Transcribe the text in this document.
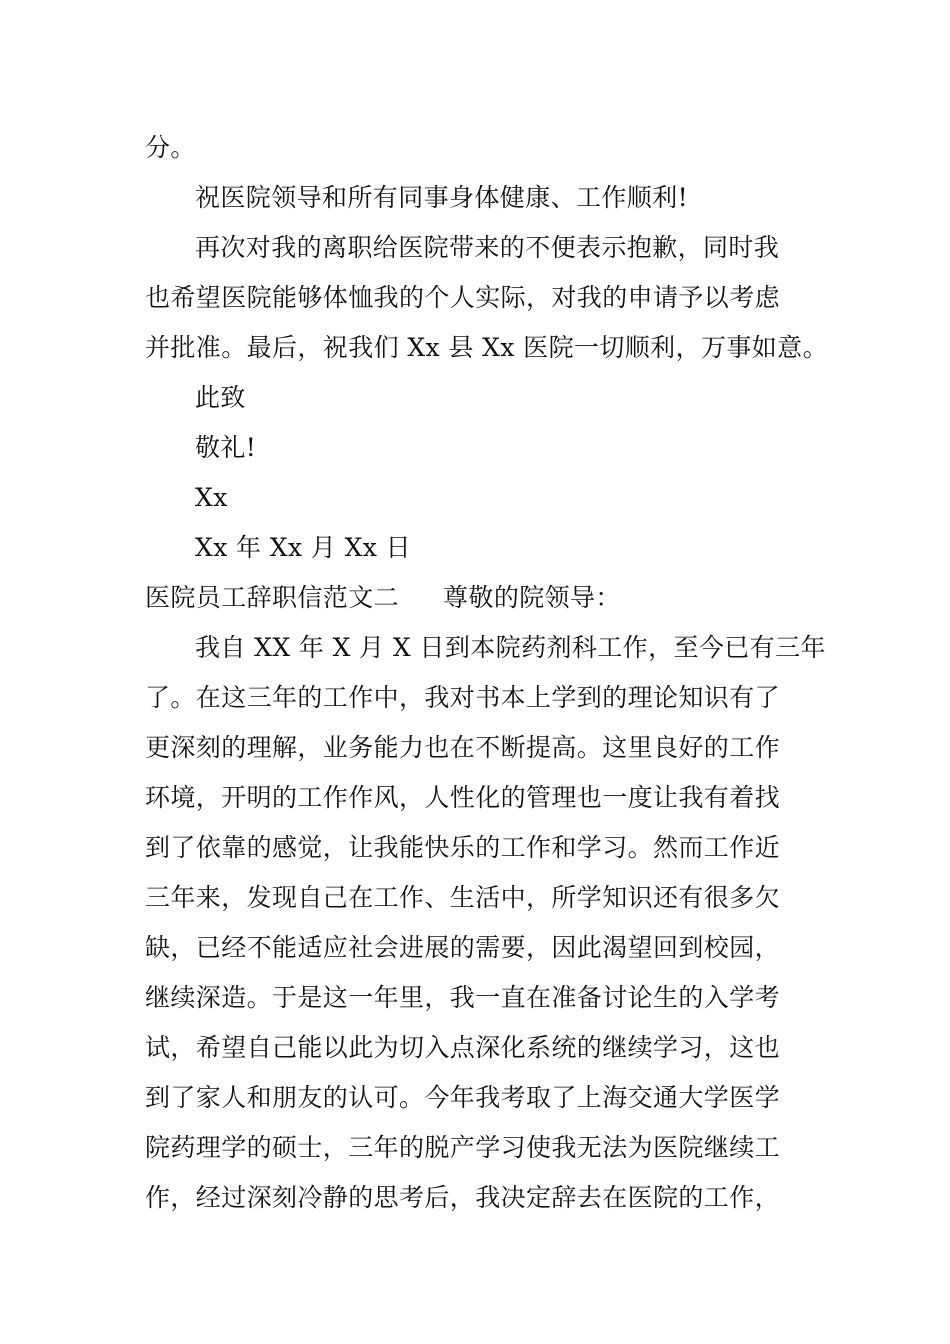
分。
祝医院领导和所有同事身体健康、工作顺利!
再次对我的离职给医院带来的不便表示抱歉，同时我
也希望医院能够体恤我的个人实际，对我的申请予以考虑
并批准。最后，祝我们 Xx 县 Xx 医院一切顺利，万事如意。
此致
敬礼!
Xx
Xx 年 Xx 月 Xx 日
医院员工辞职信范文二 尊敬的院领导：
我自 XX 年 X 月 X 日到本院药剂科工作，至今已有三年
了。在这三年的工作中，我对书本上学到的理论知识有了
更深刻的理解，业务能力也在不断提高。这里良好的工作
环境，开明的工作作风，人性化的管理也一度让我有着找
到了依靠的感觉，让我能快乐的工作和学习。然而工作近
三年来，发现自己在工作、生活中，所学知识还有很多欠
缺，已经不能适应社会进展的需要，因此渴望回到校园，
继续深造。于是这一年里，我一直在准备讨论生的入学考
试，希望自己能以此为切入点深化系统的继续学习，这也
到了家人和朋友的认可。今年我考取了上海交通大学医学
院药理学的硕士，三年的脱产学习使我无法为医院继续工
作，经过深刻冷静的思考后，我决定辞去在医院的工作，
